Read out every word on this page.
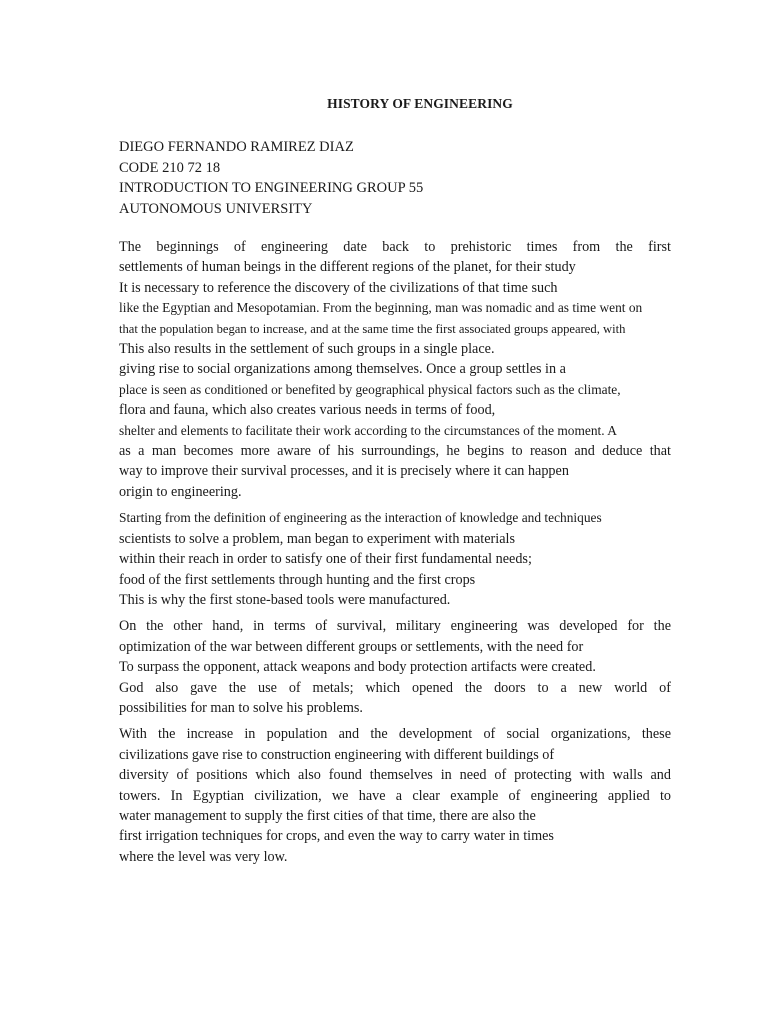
HISTORY OF ENGINEERING
DIEGO FERNANDO RAMIREZ DIAZ
CODE 210 72 18
INTRODUCTION TO ENGINEERING GROUP 55
AUTONOMOUS UNIVERSITY
The beginnings of engineering date back to prehistoric times from the first
settlements of human beings in the different regions of the planet, for their study
It is necessary to reference the discovery of the civilizations of that time such
like the Egyptian and Mesopotamian. From the beginning, man was nomadic and as time went on
that the population began to increase, and at the same time the first associated groups appeared, with
This also results in the settlement of such groups in a single place.
giving rise to social organizations among themselves. Once a group settles in a
place is seen as conditioned or benefited by geographical physical factors such as the climate,
flora and fauna, which also creates various needs in terms of food,
shelter and elements to facilitate their work according to the circumstances of the moment. A
as a man becomes more aware of his surroundings, he begins to reason and deduce that
way to improve their survival processes, and it is precisely where it can happen
origin to engineering.
Starting from the definition of engineering as the interaction of knowledge and techniques
scientists to solve a problem, man began to experiment with materials
within their reach in order to satisfy one of their first fundamental needs;
food of the first settlements through hunting and the first crops
This is why the first stone-based tools were manufactured.
On the other hand, in terms of survival, military engineering was developed for the
optimization of the war between different groups or settlements, with the need for
To surpass the opponent, attack weapons and body protection artifacts were created.
God also gave the use of metals; which opened the doors to a new world of
possibilities for man to solve his problems.
With the increase in population and the development of social organizations, these
civilizations gave rise to construction engineering with different buildings of
diversity of positions which also found themselves in need of protecting with walls and
towers. In Egyptian civilization, we have a clear example of engineering applied to
water management to supply the first cities of that time, there are also the
first irrigation techniques for crops, and even the way to carry water in times
where the level was very low.
